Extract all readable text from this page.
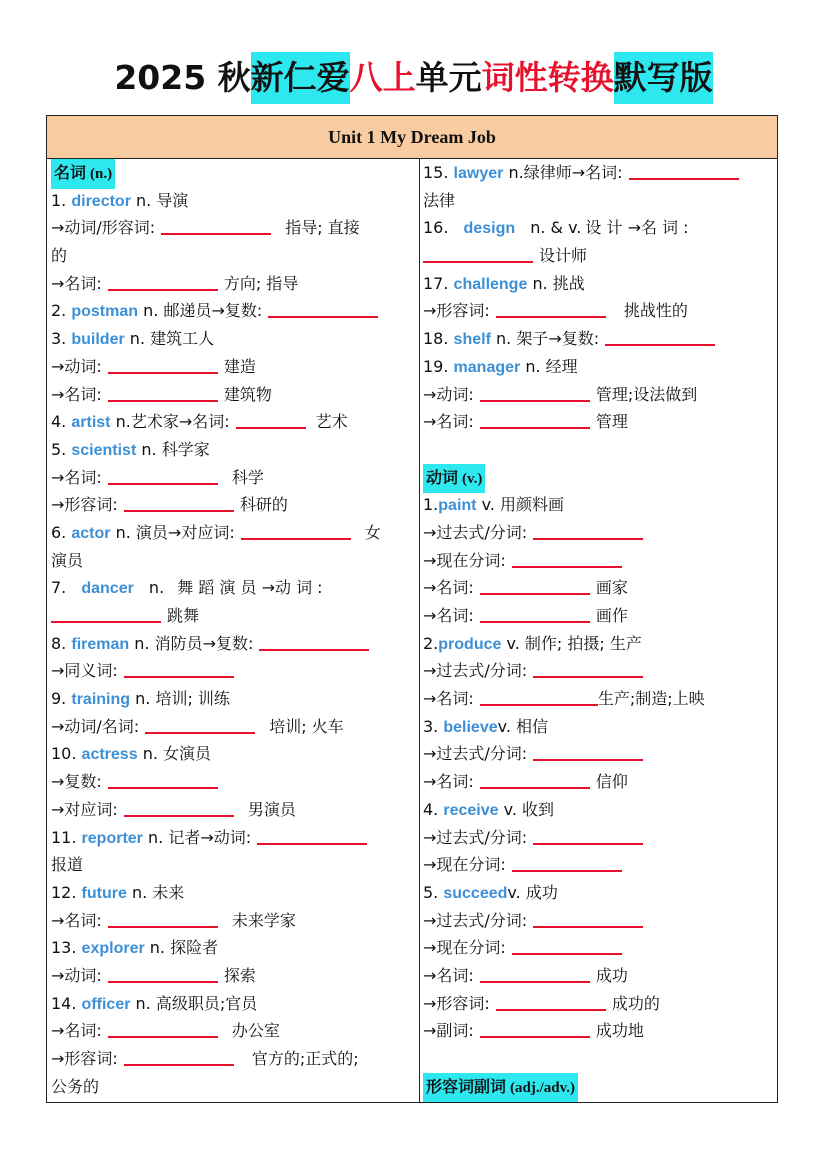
2025 秋新仁爱八上单元词性转换默写版
Unit 1 My Dream Job
名词 (n.)
1. director n. 导演
→动词/形容词:	指导; 直接
的
→名词:	方向; 指导
2. postman n. 邮递员→复数:
3. builder n. 建筑工人
→动词:	建造
→名词:	建筑物
4. artist n.艺术家→名词:	艺术
5. scientist n. 科学家
→名词:	科学
→形容词:	科研的
6. actor n. 演员→对应词:	女
演员
7. dancer n. 舞 蹈 演 员 →动 词 :
跳舞
8. fireman n. 消防员→复数:
→同义词:
9. training n. 培训; 训练
→动词/名词:	培训; 火车
10. actress n. 女演员
→复数:
→对应词:	男演员
11. reporter n. 记者→动词:
报道
12. future n. 未来
→名词:	未来学家
13. explorer n. 探险者
→动词:	探索
14. officer n. 高级职员;官员
→名词:	办公室
→形容词:	官方的;正式的;
公务的
15. lawyer n.绿律师→名词:
法律
16. design n. & v. 设 计 →名 词 :
设计师
17. challenge n. 挑战
→形容词:	挑战性的
18. shelf n. 架子→复数:
19. manager n. 经理
→动词:	管理;设法做到
→名词:	管理
动词 (v.)
1.paint v. 用颜料画
→过去式/分词:
→现在分词:
→名词:	画家
→名词:	画作
2.produce v. 制作; 拍摄; 生产
→过去式/分词:
→名词:	生产;制造;上映
3. believev. 相信
→过去式/分词:
→名词:	信仰
4. receive v. 收到
→过去式/分词:
→现在分词:
5. succeedv. 成功
→过去式/分词:
→现在分词:
→名词:	成功
→形容词:	成功的
→副词:	成功地
形容词副词 (adj./adv.)
